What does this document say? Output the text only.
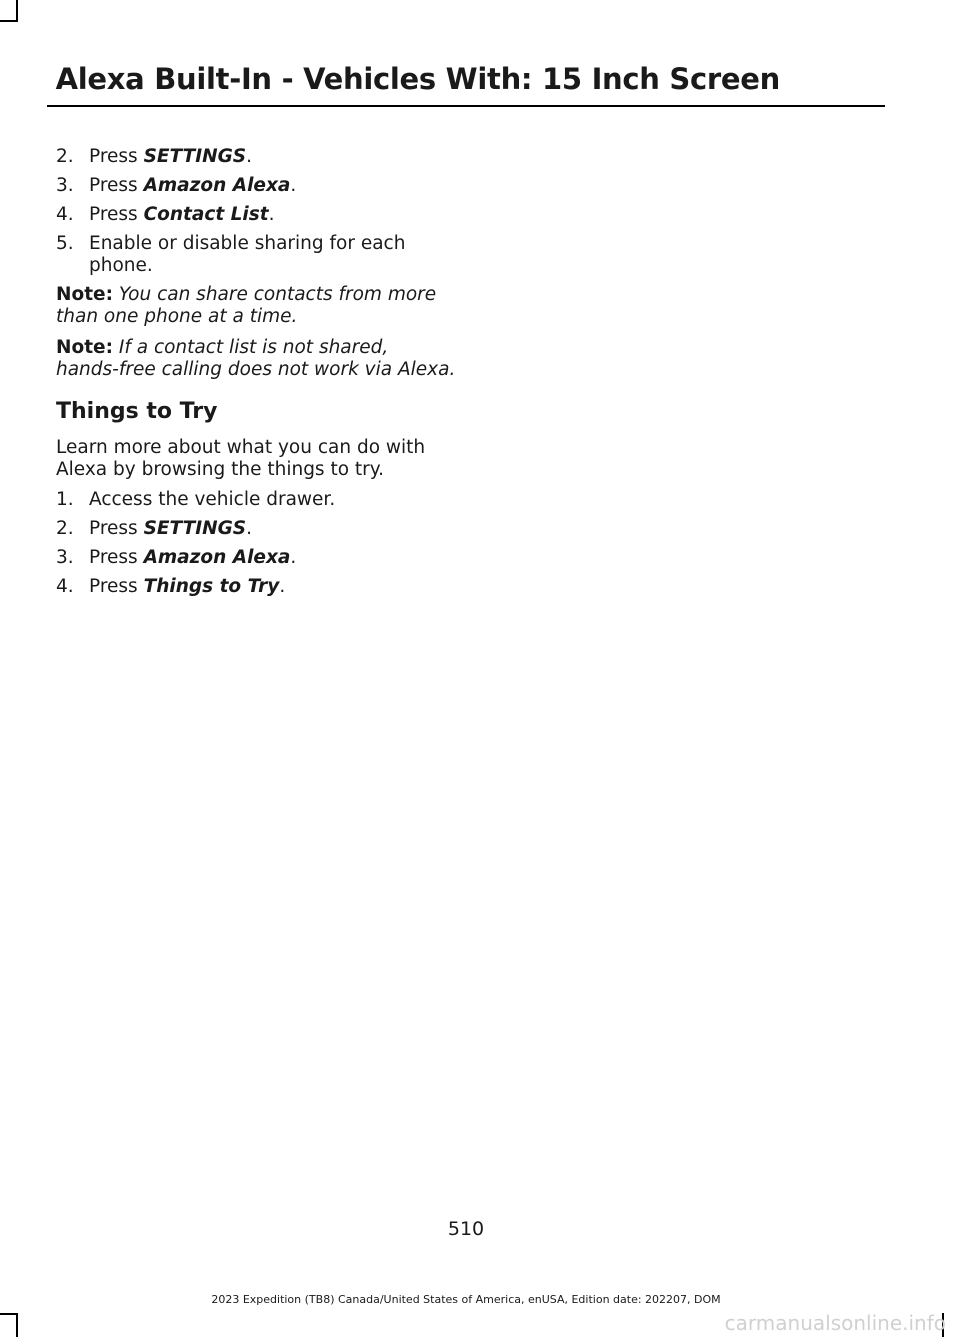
Alexa Built-In - Vehicles With: 15 Inch Screen
2. Press SETTINGS.
3. Press Amazon Alexa.
4. Press Contact List.
5. Enable or disable sharing for each phone.

Note: You can share contacts from more than one phone at a time.

Note: If a contact list is not shared, hands-free calling does not work via Alexa.

Things to Try

Learn more about what you can do with Alexa by browsing the things to try.

1. Access the vehicle drawer.
2. Press SETTINGS.
3. Press Amazon Alexa.
4. Press Things to Try.
510
2023 Expedition (TB8) Canada/United States of America, enUSA, Edition date: 202207, DOM
carmanualsonline.info
